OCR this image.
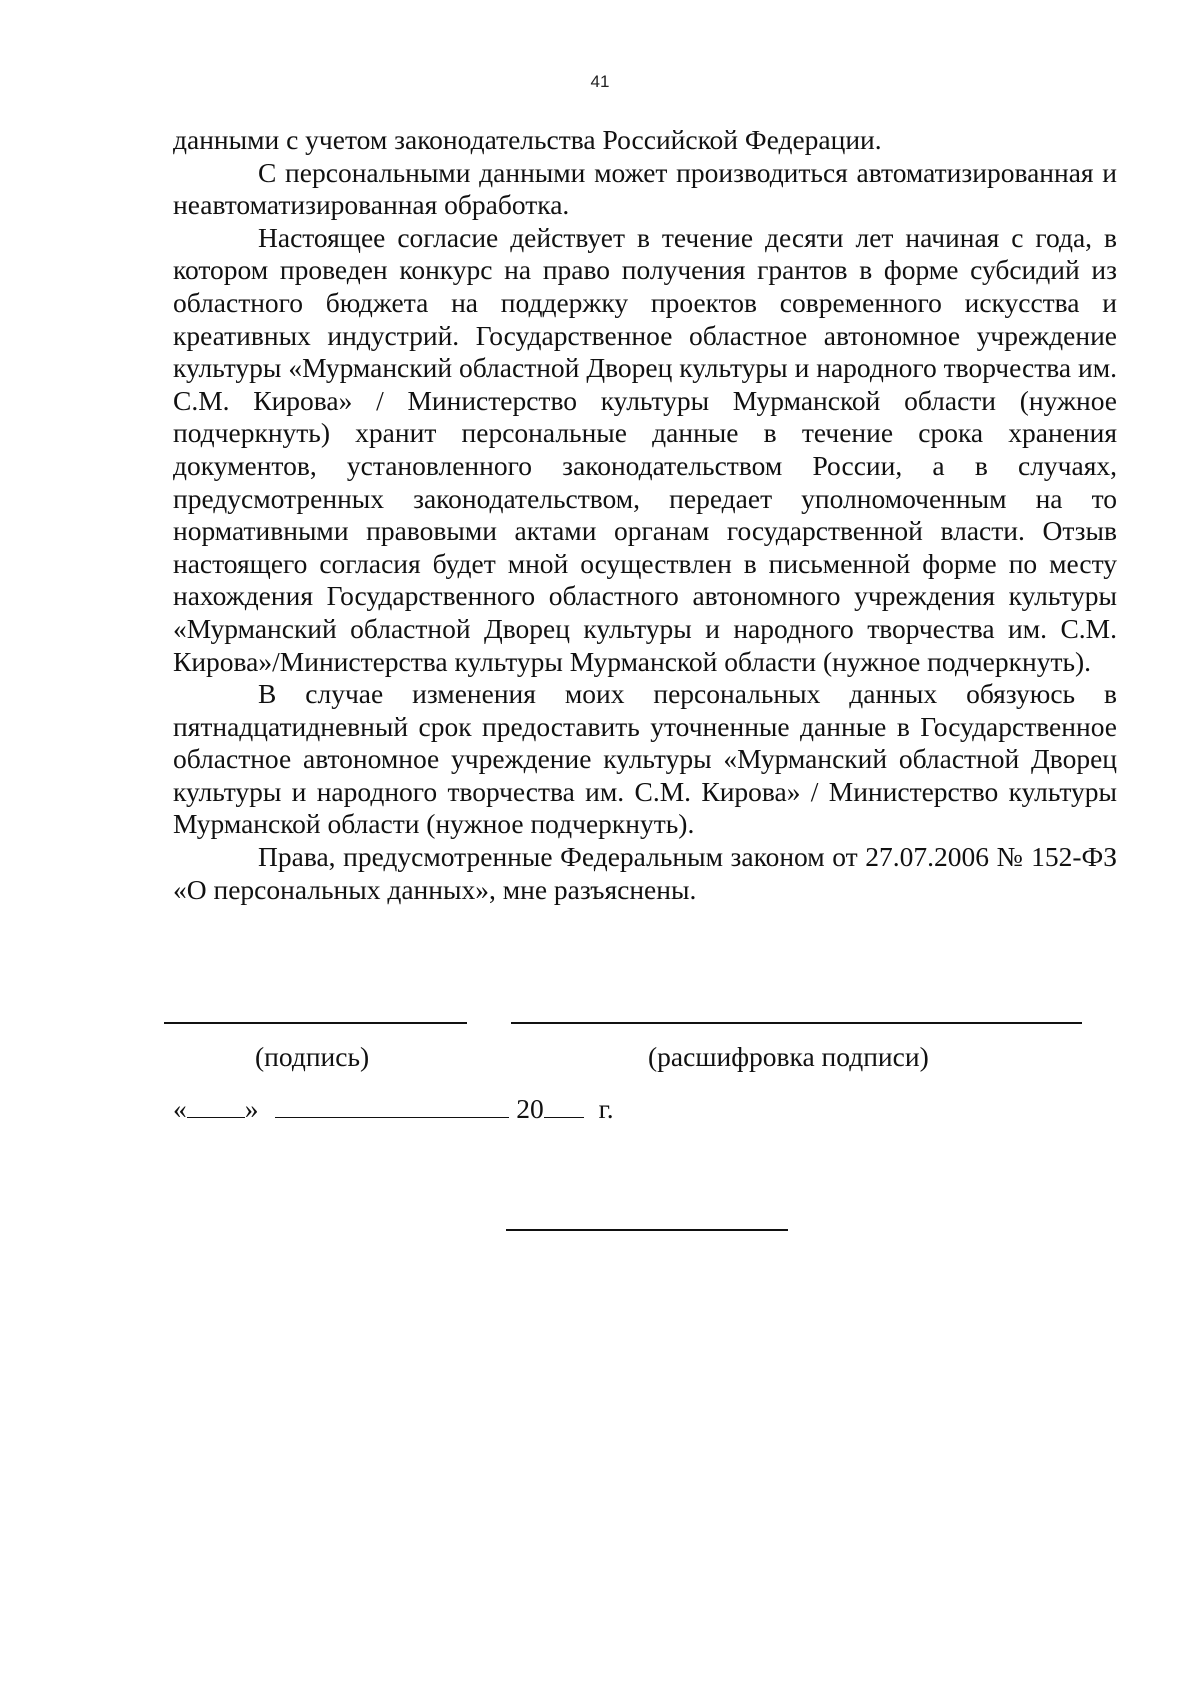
41

данными с учетом законодательства Российской Федерации.

С персональными данными может производиться автоматизированная и неавтоматизированная обработка.

Настоящее согласие действует в течение десяти лет начиная с года, в котором проведен конкурс на право получения грантов в форме субсидий из областного бюджета на поддержку проектов современного искусства и креативных индустрий. Государственное областное автономное учреждение культуры «Мурманский областной Дворец культуры и народного творчества им. С.М. Кирова» / Министерство культуры Мурманской области (нужное подчеркнуть) хранит персональные данные в течение срока хранения документов, установленного законодательством России, а в случаях, предусмотренных законодательством, передает уполномоченным на то нормативными правовыми актами органам государственной власти. Отзыв настоящего согласия будет мной осуществлен в письменной форме по месту нахождения Государственного областного автономного учреждения культуры «Мурманский областной Дворец культуры и народного творчества им. С.М. Кирова»/Министерства культуры Мурманской области (нужное подчеркнуть).

В случае изменения моих персональных данных обязуюсь в пятнадцатидневный срок предоставить уточненные данные в Государственное областное автономное учреждение культуры «Мурманский областной Дворец культуры и народного творчества им. С.М. Кирова» / Министерство культуры Мурманской области (нужное подчеркнуть).

Права, предусмотренные Федеральным законом от 27.07.2006 № 152-ФЗ «О персональных данных», мне разъяснены.

(подпись)	(расшифровка подписи)
« »	20 г.
